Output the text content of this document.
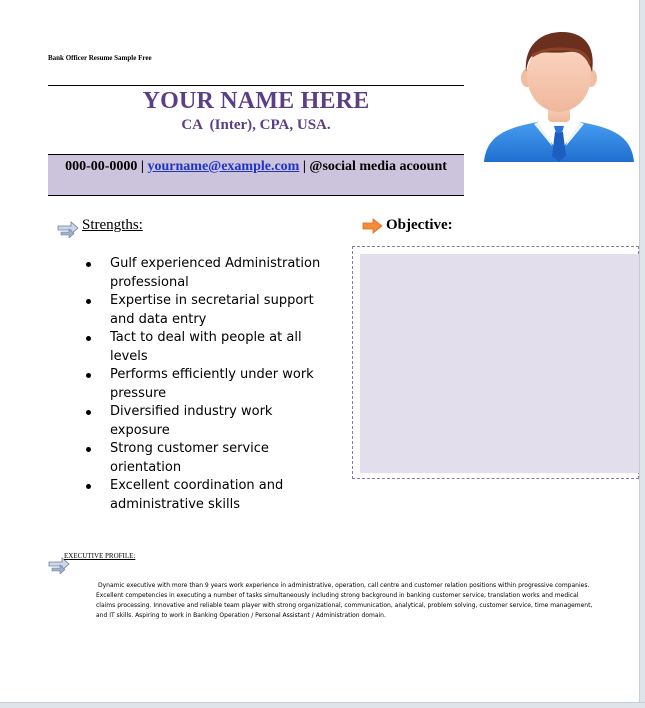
Bank Officer Resume Sample Free
YOUR NAME HERE
CA  (Inter), CPA, USA.
000-00-0000 | yourname@example.com | @social media acoount
Strengths:
Gulf experienced Administration professional
Expertise in secretarial support and data entry
Tact to deal with people at all levels
Performs efficiently under work pressure
Diversified industry work exposure
Strong customer service orientation
Excellent coordination and administrative skills
Objective:
EXECUTIVE PROFILE:
Dynamic executive with more than 9 years work experience in administrative, operation, call centre and customer relation positions within progressive companies. Excellent competencies in executing a number of tasks simultaneously including strong background in banking customer service, translation works and medical claims processing. Innovative and reliable team player with strong organizational, communication, analytical, problem solving, customer service, time management, and IT skills. Aspiring to work in Banking Operation / Personal Assistant / Administration domain.
